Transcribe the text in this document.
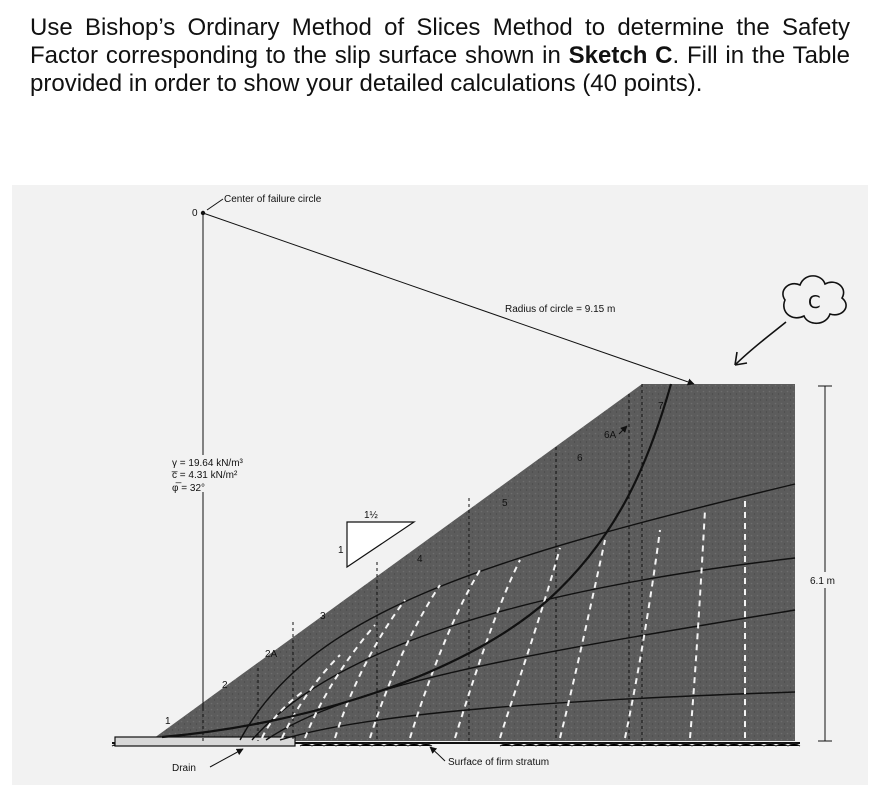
Use Bishop’s Ordinary Method of Slices Method to determine the Safety Factor corresponding to the slip surface shown in Sketch C. Fill in the Table provided in order to show your detailed calculations (40 points).

Drain
Surface of firm stratum
0
Center of failure circle
Radius of circle = 9.15 m
γ = 19.64 kN/m³
c̅ = 4.31 kN/m²
φ̅ = 32°
1½
1
6.1 m
1
2
2A
3
4
5
6
6A
7
C
